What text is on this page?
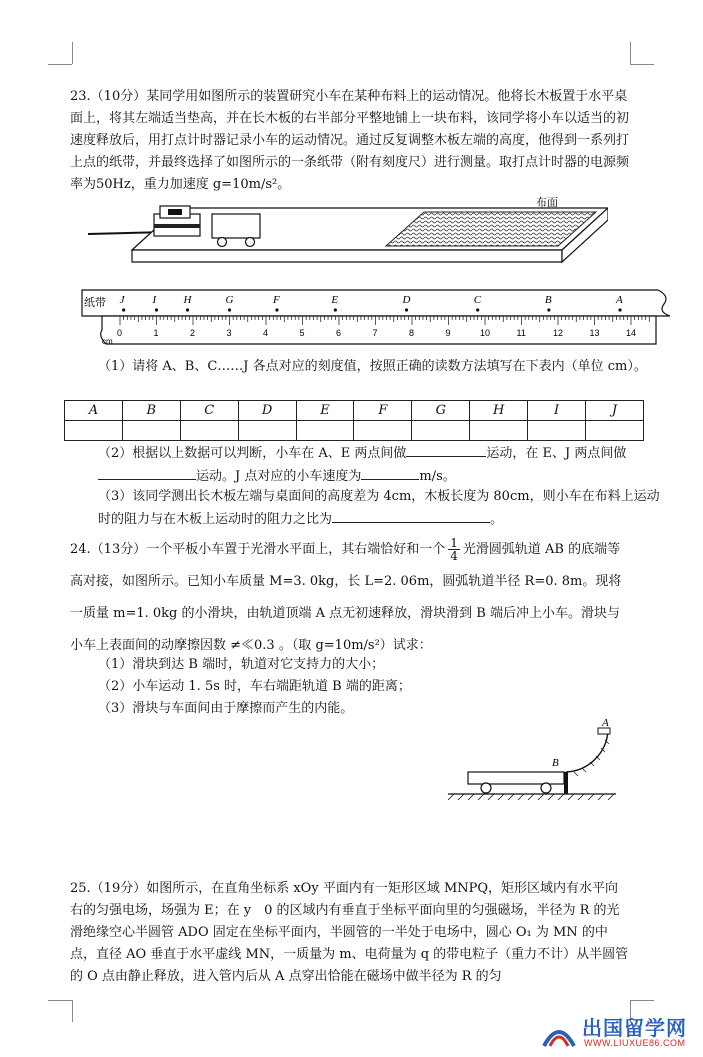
23.（10分）某同学用如图所示的装置研究小车在某种布料上的运动情况。他将长木板置于水平桌面上，将其左端适当垫高，并在长木板的右半部分平整地铺上一块布料，该同学将小车以适当的初速度释放后，用打点计时器记录小车的运动情况。通过反复调整木板左端的高度，他得到一系列打上点的纸带，并最终选择了如图所示的一条纸带（附有刻度尺）进行测量。取打点计时器的电源频率为50Hz，重力加速度 g=10m/s²。

布面
纸带 J	I H	G	F	E	D	C	B	A
0	1	2	3	4	5	6	7	8	9	10	11	12	13	14
cm

（1）请将 A、B、C……J 各点对应的刻度值，按照正确的读数方法填写在下表内（单位 cm）。

A	B	C	D	E	F	G	H	I	J

（2）根据以上数据可以判断，小车在 A、E 两点间做	运动，在 E、J 两点间做运动。J 点对应的小车速度为	m/s。

（3）该同学测出长木板左端与桌面间的高度差为 4cm，木板长度为 80cm，则小车在布料上运动时的阻力与在木板上运动时的阻力之比为	。

24.（13分）一个平板小车置于光滑水平面上，其右端恰好和一个 $\frac{1}{4}$ 光滑圆弧轨道 AB 的底端等高对接，如图所示。已知小车质量 M=3. 0kg，长 L=2. 06m，圆弧轨道半径 R=0. 8m。现将一质量 m=1. 0kg 的小滑块，由轨道顶端 A 点无初速释放，滑块滑到 B 端后冲上小车。滑块与小车上表面间的动摩擦因数 ≠≪0.3 。（取 g=10m/s²）试求：

（1）滑块到达 B 端时，轨道对它支持力的大小；

（2）小车运动 1. 5s 时，车右端距轨道 B 端的距离；

（3）滑块与车面间由于摩擦而产生的内能。

A
B

25.（19分）如图所示，在直角坐标系 xOy 平面内有一矩形区域 MNPQ，矩形区域内有水平向右的匀强电场，场强为 E；在 y　0 的区域内有垂直于坐标平面向里的匀强磁场，半径为 R 的光滑绝缘空心半圆管 ADO 固定在坐标平面内，半圆管的一半处于电场中，圆心 O₁ 为 MN 的中点，直径 AO 垂直于水平虚线 MN，一质量为 m、电荷量为 q 的带电粒子（重力不计）从半圆管的 O 点由静止释放，进入管内后从 A 点穿出恰能在磁场中做半径为 R 的匀

出国留学网
WWW.LIUXUE86.COM
